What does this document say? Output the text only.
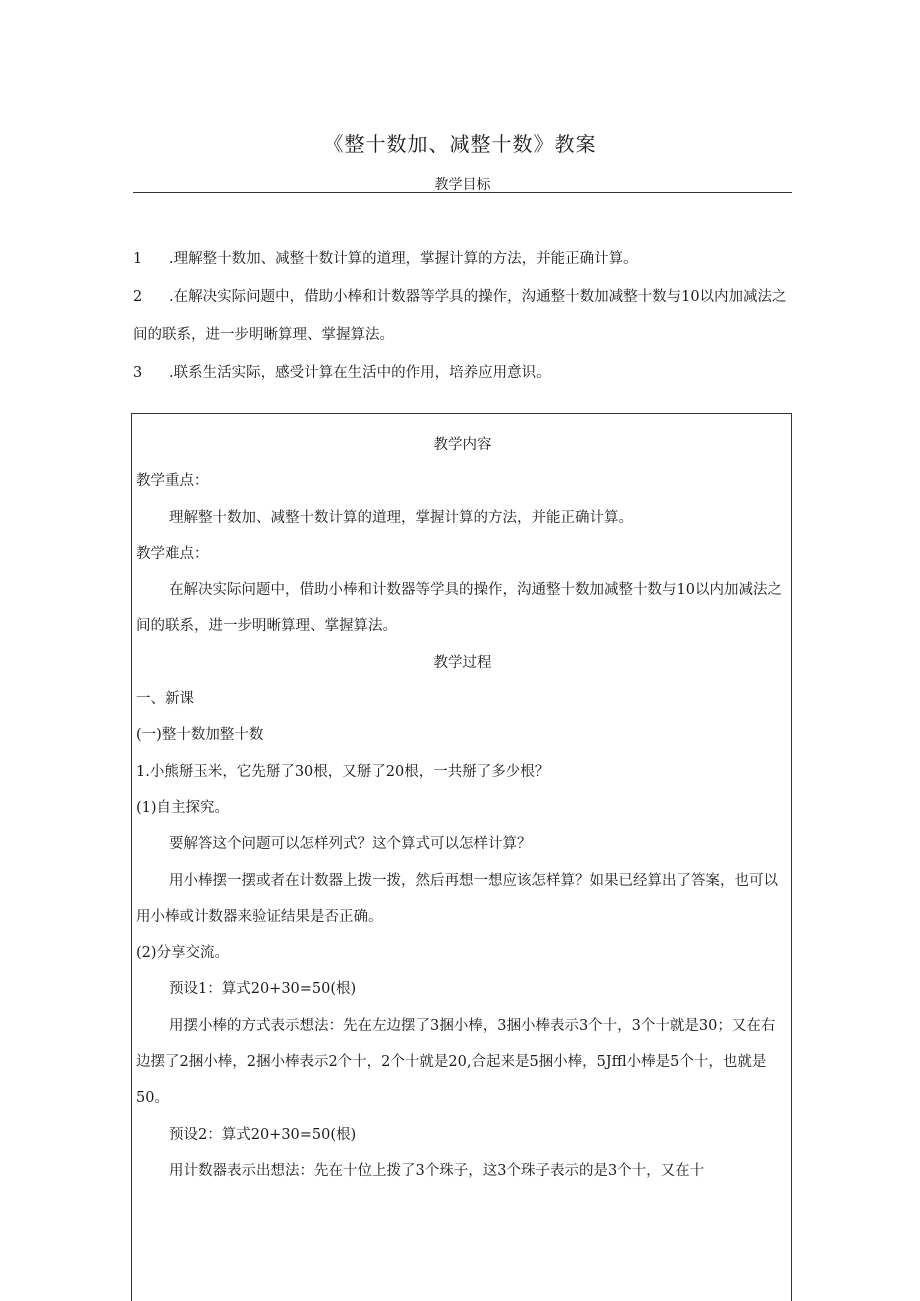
《整十数加、减整十数》教案
教学目标

1 .理解整十数加、减整十数计算的道理，掌握计算的方法，并能正确计算。

2 .在解决实际问题中，借助小棒和计数器等学具的操作，沟通整十数加减整十数与10以内加减法之间的联系，进一步明晰算理、掌握算法。

3 .联系生活实际，感受计算在生活中的作用，培养应用意识。

教学内容

教学重点：

理解整十数加、减整十数计算的道理，掌握计算的方法，并能正确计算。

教学难点：

在解决实际问题中，借助小棒和计数器等学具的操作，沟通整十数加减整十数与10以内加减法之间的联系，进一步明晰算理、掌握算法。

教学过程

一、新课

(一)整十数加整十数

1.小熊掰玉米，它先掰了30根，又掰了20根，一共掰了多少根？

(1)自主探究。

要解答这个问题可以怎样列式？这个算式可以怎样计算？

用小棒摆一摆或者在计数器上拨一拨，然后再想一想应该怎样算？如果已经算出了答案，也可以用小棒或计数器来验证结果是否正确。

(2)分享交流。

预设1：算式20+30=50(根)

用摆小棒的方式表示想法：先在左边摆了3捆小棒，3捆小棒表示3个十，3个十就是30；又在右边摆了2捆小棒，2捆小棒表示2个十，2个十就是20,合起来是5捆小棒，5Jffl小棒是5个十，也就是50。

预设2：算式20+30=50(根)

用计数器表示出想法：先在十位上拨了3个珠子，这3个珠子表示的是3个十，又在十
